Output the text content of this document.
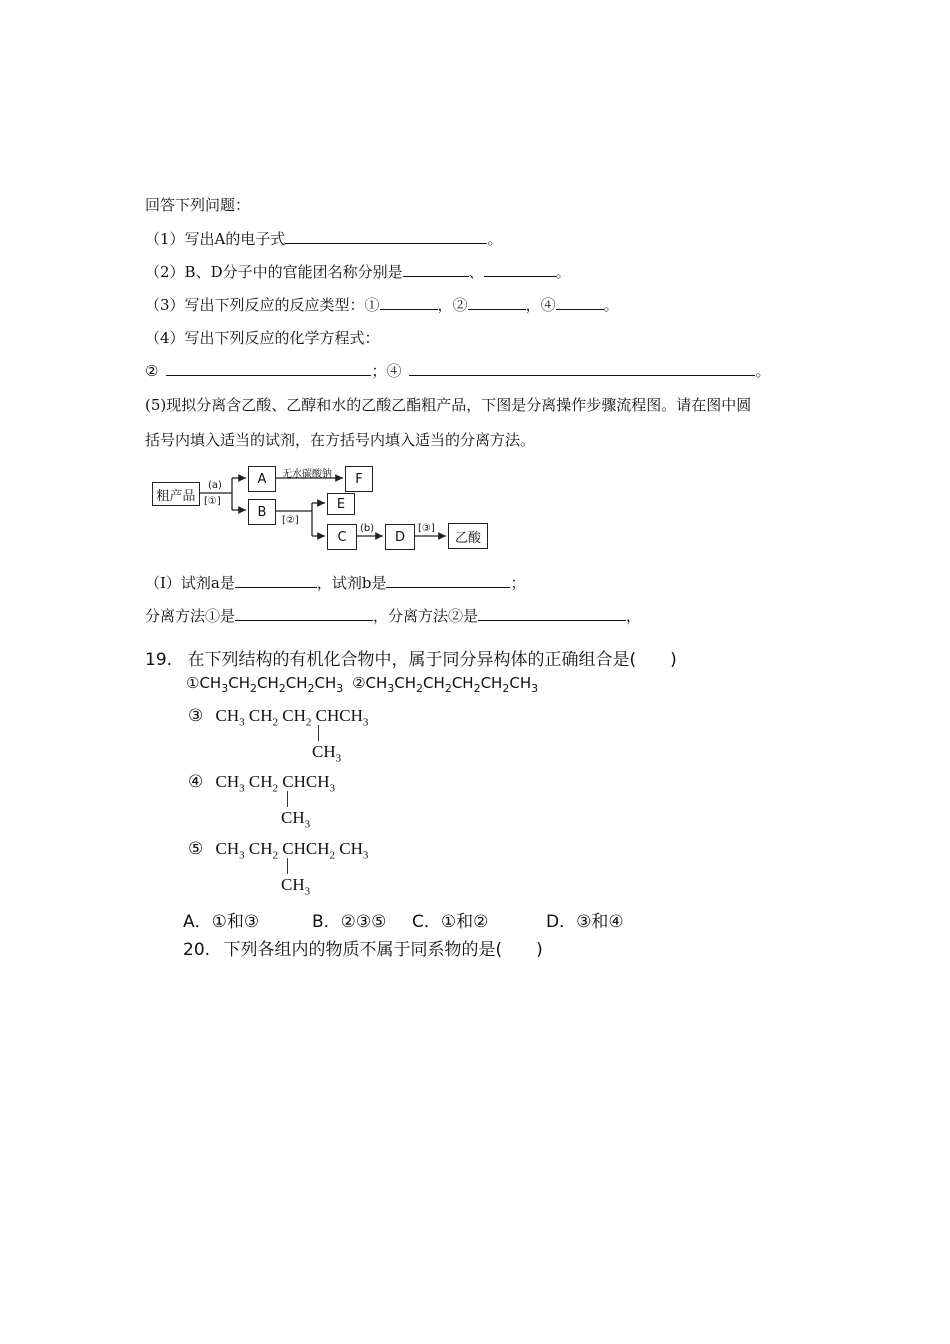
回答下列问题：
（1）写出A的电子式	。
（2）B、D分子中的官能团名称分别是	、	。
（3）写出下列反应的反应类型：①	，②	，④	。
（4）写出下列反应的化学方程式：
②	；④	。
(5)现拟分离含乙酸、乙醇和水的乙酸乙酯粗产品，下图是分离操作步骤流程图。请在图中圆
括号内填入适当的试剂，在方括号内填入适当的分离方法。
粗产品
(a)
[①]
A	无水碳酸钠	F
B
[②]
E
C
(b)
D
[③]
乙酸
（Ⅰ）试剂a是	，试剂b是	；
分离方法①是	，分离方法②是	，
19. 在下列结构的有机化合物中，属于同分异构体的正确组合是(　　)
$①CH_3CH_2CH_2CH_2CH_3$ $②CH_3CH_2CH_2CH_2CH_2CH_3$
③ $CH_3$ $CH_2$ $CH_2$ $CHCH_3$
$CH_3$
④ $CH_3$ $CH_2$ $CHCH_3$
$CH_3$
⑤ $CH_3$ $CH_2$ $CHCH_2$ $CH_3$
$CH_3$
A．①和③	B．②③⑤ C．①和②	D．③和④
20. 下列各组内的物质不属于同系物的是(　　)
